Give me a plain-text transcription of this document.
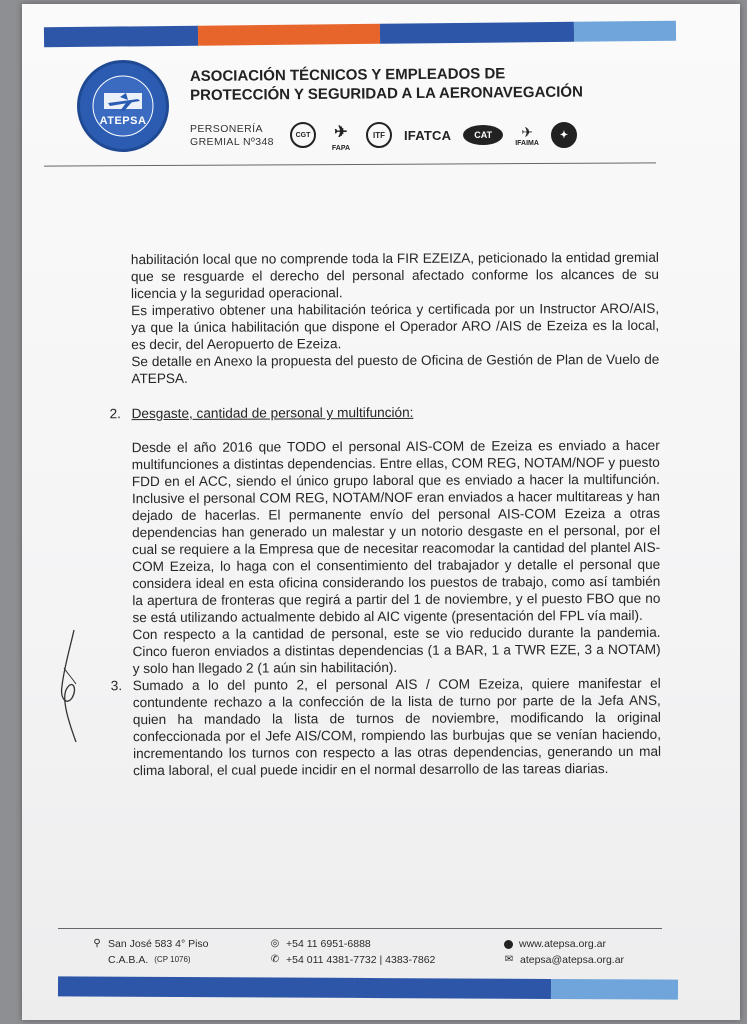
ATEPSA
ASOCIACIÓN TÉCNICOS Y EMPLEADOS DE
PROTECCIÓN Y SEGURIDAD A LA AERONAVEGACIÓN
PERSONERÍA
GREMIAL Nº348
CGT	✈
FAPA
ITF IFATCA	CAT	✈
IFAIMA
✦

habilitación local que no comprende toda la FIR EZEIZA, peticionado la entidad gremial que se resguarde el derecho del personal afectado conforme los alcances de su licencia y la seguridad operacional.

Es imperativo obtener una habilitación teórica y certificada por un Instructor ARO/AIS, ya que la única habilitación que dispone el Operador ARO /AIS de Ezeiza es la local, es decir, del Aeropuerto de Ezeiza.

Se detalle en Anexo la propuesta del puesto de Oficina de Gestión de Plan de Vuelo de ATEPSA.

2. Desgaste, cantidad de personal y multifunción:

Desde el año 2016 que TODO el personal AIS-COM de Ezeiza es enviado a hacer multifunciones a distintas dependencias. Entre ellas, COM REG, NOTAM/NOF y puesto FDD en el ACC, siendo el único grupo laboral que es enviado a hacer la multifunción. Inclusive el personal COM REG, NOTAM/NOF eran enviados a hacer multitareas y han dejado de hacerlas. El permanente envío del personal AIS-COM Ezeiza a otras dependencias han generado un malestar y un notorio desgaste en el personal, por el cual se requiere a la Empresa que de necesitar reacomodar la cantidad del plantel AIS-COM Ezeiza, lo haga con el consentimiento del trabajador y detalle el personal que considera ideal en esta oficina considerando los puestos de trabajo, como así también la apertura de fronteras que regirá a partir del 1 de noviembre, y el puesto FBO que no se está utilizando actualmente debido al AIC vigente (presentación del FPL vía mail).

Con respecto a la cantidad de personal, este se vio reducido durante la pandemia. Cinco fueron enviados a distintas dependencias (1 a BAR, 1 a TWR EZE, 3 a NOTAM) y solo han llegado 2 (1 aún sin habilitación).

3. Sumado a lo del punto 2, el personal AIS / COM Ezeiza, quiere manifestar el contundente rechazo a la confección de la lista de turno por parte de la Jefa ANS, quien ha mandado la lista de turnos de noviembre, modificando la original confeccionada por el Jefe AIS/COM, rompiendo las burbujas que se venían haciendo, incrementando los turnos con respecto a las otras dependencias, generando un mal clima laboral, el cual puede incidir en el normal desarrollo de las tareas diarias.

⚲ San José 583 4° Piso
C.A.B.A. (CP 1076)
◎ +54 11 6951-6888
✆ +54 011 4381-7732 | 4383-7862
www.atepsa.org.ar
✉ atepsa@atepsa.org.ar
